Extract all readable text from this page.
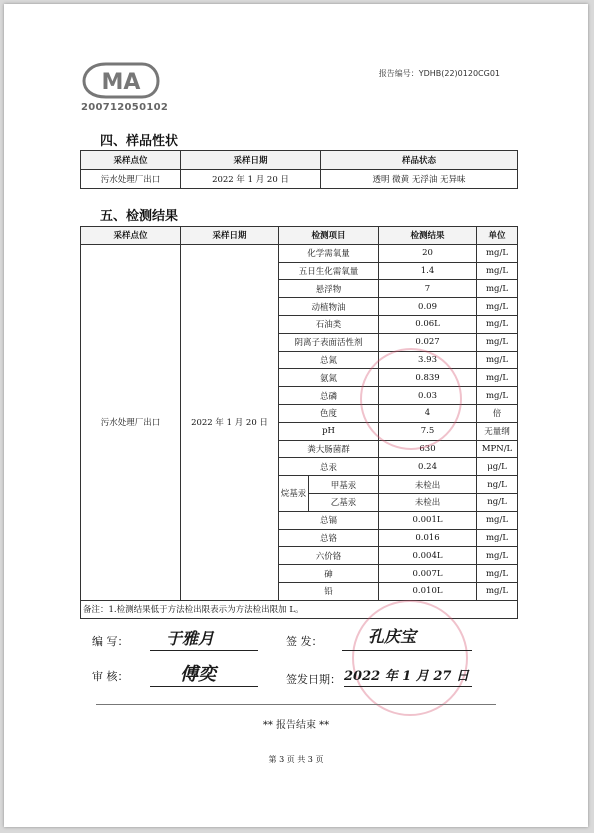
MA
200712050102
报告编号：YDHB(22)0120CG01
四、样品性状
采样点位	采样日期	样品状态
污水处理厂出口	2022 年 1 月 20 日	透明 微黄 无浮油 无异味
五、检测结果
采样点位	采样日期	检测项目		检测结果	单位
污水处理厂出口	2022 年 1 月 20 日	化学需氧量		20	mg/L
		五日生化需氧量		1.4	mg/L
		悬浮物		7	mg/L
		动植物油		0.09	mg/L
		石油类		0.06L	mg/L
		阴离子表面活性剂		0.027	mg/L
		总氮		3.93	mg/L
		氨氮		0.839	mg/L
		总磷		0.03	mg/L
		色度		4	倍
		pH		7.5	无量纲
		粪大肠菌群		630	MPN/L
		总汞		0.24	μg/L
		烷基汞	甲基汞	未检出	ng/L
			乙基汞	未检出	ng/L
		总镉		0.001L	mg/L
		总铬		0.016	mg/L
		六价铬		0.004L	mg/L
		砷		0.007L	mg/L
		铅		0.010L	mg/L
备注：1.检测结果低于方法检出限表示为方法检出限加 L。					
编 写： 于雅月	签 发：	孔庆宝
审 核：	傅奕	签发日期： 2022 年 1 月 27 日
** 报告结束 **
第 3 页 共 3 页
